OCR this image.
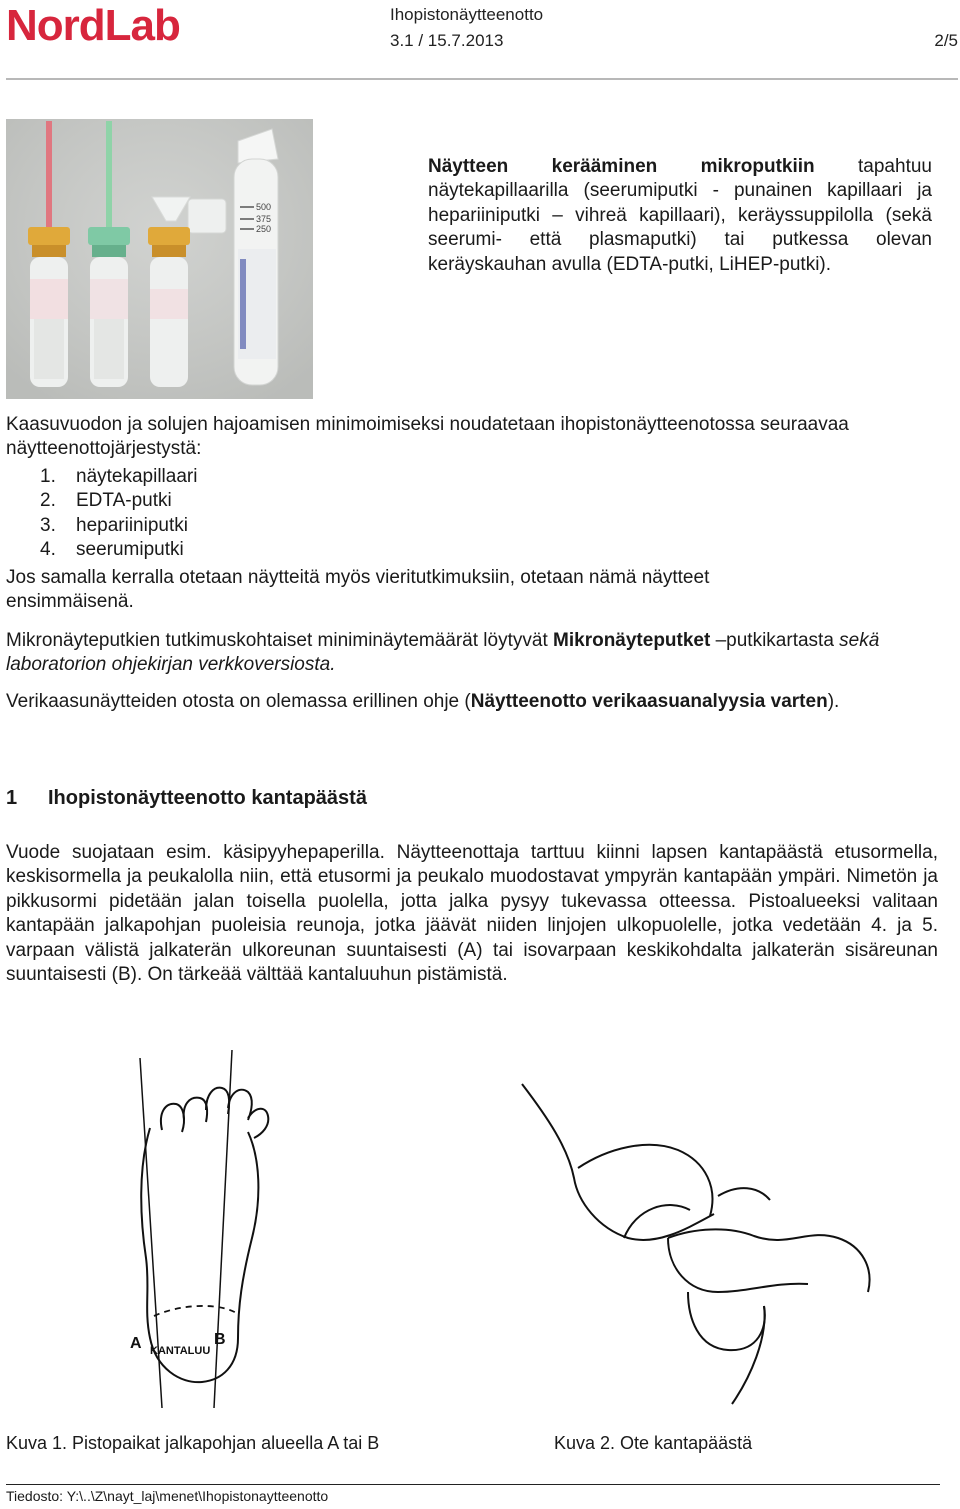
NordLab	Ihopistonäytteenotto
3.1 / 15.7.2013	2/5
500
375
250
Näytteen kerääminen mikroputkiin tapahtuu näytekapillaarilla (seerumiputki - punainen kapillaari ja hepariiniputki – vihreä kapillaari), keräyssuppilolla (sekä seerumi- että plasmaputki) tai putkessa olevan keräyskauhan avulla (EDTA-putki, LiHEP-putki).
Kaasuvuodon ja solujen hajoamisen minimoimiseksi noudatetaan ihopistonäytteenotossa seuraavaa näytteenottojärjestystä:
1.	näytekapillaari
2.	EDTA-putki
3.	hepariiniputki
4.	seerumiputki
Jos samalla kerralla otetaan näytteitä myös vieritutkimuksiin, otetaan nämä näytteet ensimmäisenä.
Mikronäyteputkien tutkimuskohtaiset miniminäytemäärät löytyvät Mikronäyteputket –putkikartasta sekä laboratorion ohjekirjan verkkoversiosta.
Verikaasunäytteiden otosta on olemassa erillinen ohje (Näytteenotto verikaasuanalyysia varten).
1 Ihopistonäytteenotto kantapäästä
Vuode suojataan esim. käsipyyhepaperilla. Näytteenottaja tarttuu kiinni lapsen kantapäästä etusormella, keskisormella ja peukalolla niin, että etusormi ja peukalo muodostavat ympyrän kantapään ympäri. Nimetön ja pikkusormi pidetään jalan toisella puolella, jotta jalka pysyy tukevassa otteessa. Pistoalueeksi valitaan kantapään jalkapohjan puoleisia reunoja, jotka jäävät niiden linjojen ulkopuolelle, jotka vedetään 4. ja 5. varpaan välistä jalkaterän ulkoreunan suuntaisesti (A) tai isovarpaan keskikohdalta jalkaterän sisäreunan suuntaisesti (B). On tärkeää välttää kantaluuhun pistämistä.
A	B
KANTALUU
Kuva 1. Pistopaikat jalkapohjan alueella A tai B	Kuva 2. Ote kantapäästä
Tiedosto: Y:\..\Z\nayt_laj\menet\Ihopistonaytteenotto
